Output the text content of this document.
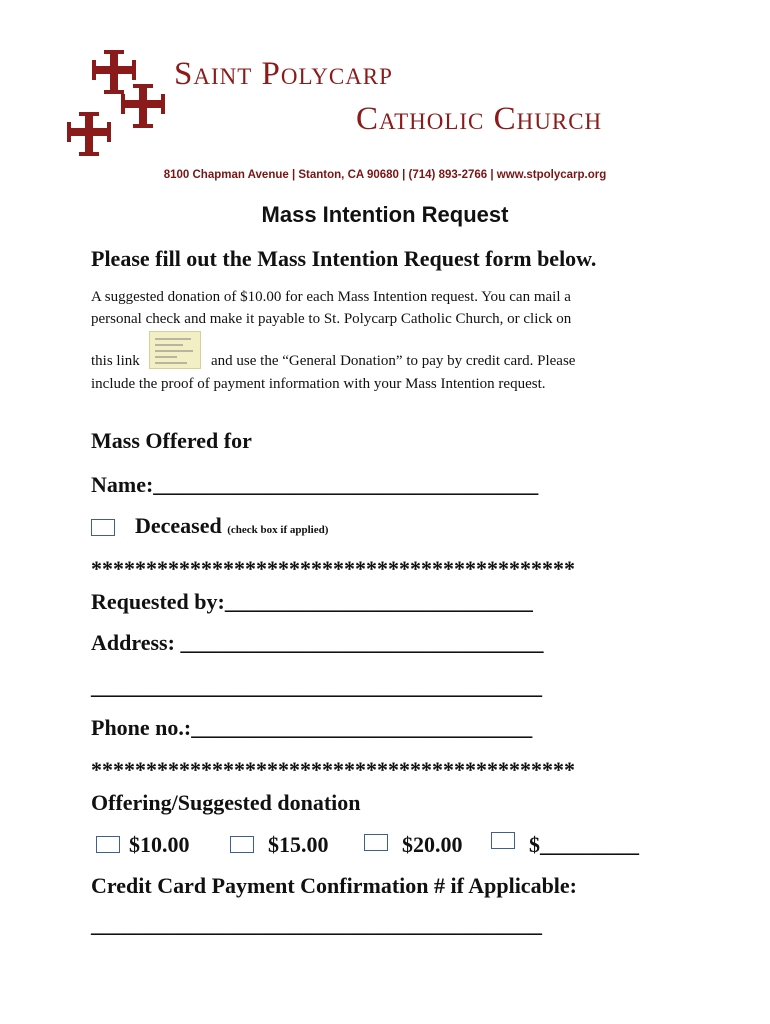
Saint Polycarp
Catholic Church
8100 Chapman Avenue | Stanton, CA 90680 | (714) 893-2766 | www.stpolycarp.org
Mass Intention Request
Please fill out the Mass Intention Request form below.
A suggested donation of $10.00 for each Mass Intention request. You can mail a
personal check and make it payable to St. Polycarp Catholic Church, or click on
this link	and use the “General Donation” to pay by credit card. Please
include the proof of payment information with your Mass Intention request.
Mass Offered for
Name:___________________________________
Deceased (check box if applied)
********************************************
Requested by:____________________________
Address: _________________________________
_________________________________________
Phone no.:_______________________________
********************************************
Offering/Suggested donation
$10.00	$15.00	$20.00	$_________
Credit Card Payment Confirmation # if Applicable:
_________________________________________
